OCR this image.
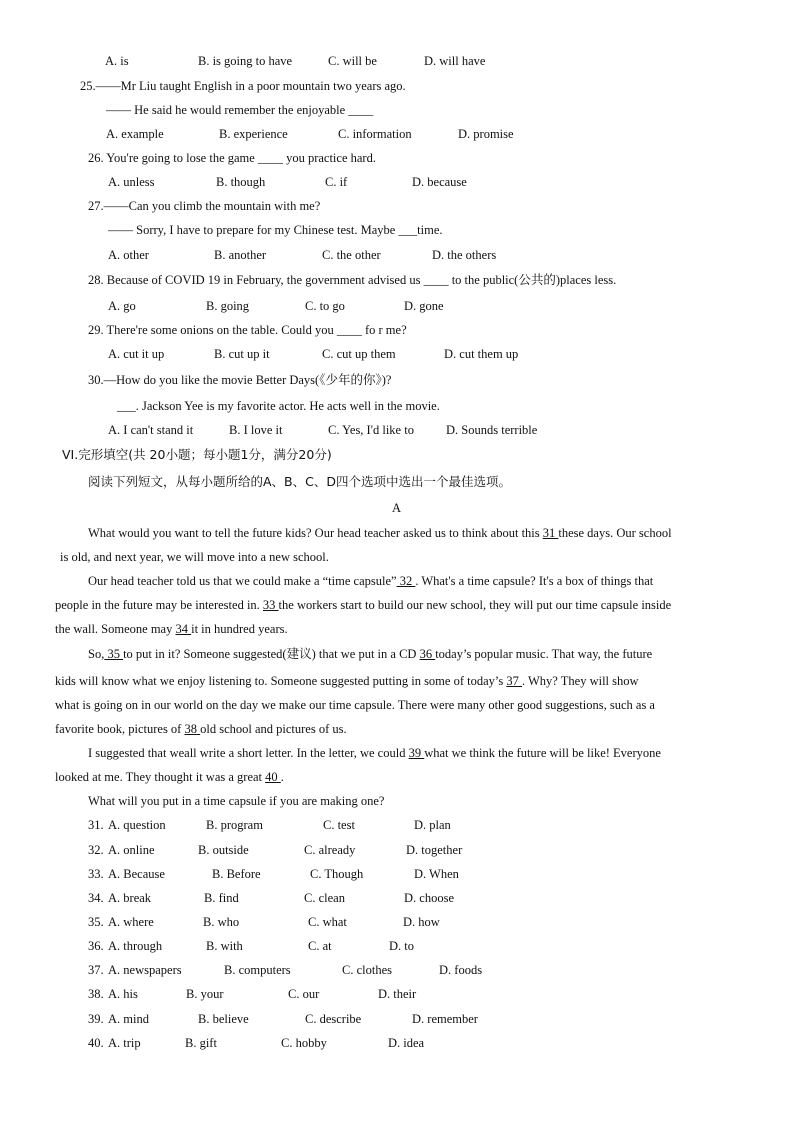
A. is	B. is going to have	C. will be	D. will have
25.——Mr Liu taught English in a poor mountain two years ago.
—— He said he would remember the enjoyable ____
A. example	B. experience	C. information	D. promise
26. You're going to lose the game ____ you practice hard.
A. unless	B. though	C. if	D. because
27.——Can you climb the mountain with me?
—— Sorry, I have to prepare for my Chinese test. Maybe ___time.
A. other	B. another	C. the other	D. the others
28. Because of COVID 19 in February, the government advised us ____ to the public(公共的)places less.
A. go	B. going	C. to go	D. gone
29. There're some onions on the table. Could you ____ fo r me?
A. cut it up	B. cut up it	C. cut up them	D. cut them up
30.—How do you like the movie Better Days(《少年的你》)?
___. Jackson Yee is my favorite actor. He acts well in the movie.
A. I can't stand it	B. I love it	C. Yes, I'd like to	D. Sounds terrible
VI.完形填空(共 20小题；每小题1分，满分20分)
阅读下列短文，从每小题所给的A、B、C、D四个选项中选出一个最佳选项。
A
What would you want to tell the future kids? Our head teacher asked us to think about this 31 these days. Our school
is old, and next year, we will move into a new school.
Our head teacher told us that we could make a “time capsule” 32 . What's a time capsule? It's a box of things that
people in the future may be interested in. 33 the workers start to build our new school, they will put our time capsule inside
the wall. Someone may 34 it in hundred years.
So, 35 to put in it? Someone suggested(建议) that we put in a CD 36 today’s popular music. That way, the future
kids will know what we enjoy listening to. Someone suggested putting in some of today’s 37 . Why? They will show
what is going on in our world on the day we make our time capsule. There were many other good suggestions, such as a
favorite book, pictures of 38 old school and pictures of us.
I suggested that weall write a short letter. In the letter, we could 39 what we think the future will be like! Everyone
looked at me. They thought it was a great 40 .
What will you put in a time capsule if you are making one?
31. A. question	B. program	C. test	D. plan
32. A. online	B. outside	C. already	D. together
33. A. Because	B. Before	C. Though	D. When
34. A. break	B. find	C. clean	D. choose
35. A. where	B. who	C. what	D. how
36. A. through	B. with	C. at	D. to
37. A. newspapers	B. computers	C. clothes	D. foods
38. A. his	B. your	C. our	D. their
39. A. mind	B. believe	C. describe	D. remember
40. A. trip	B. gift	C. hobby	D. idea
